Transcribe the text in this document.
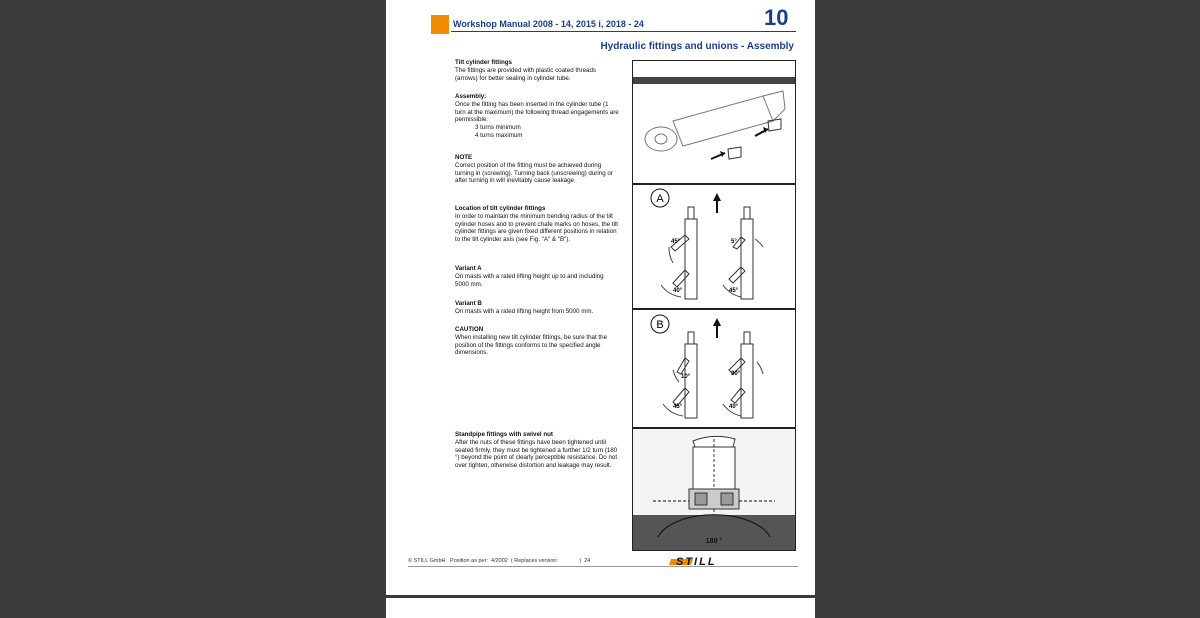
Workshop Manual 2008 - 14, 2015 i, 2018 - 24	10
Hydraulic fittings and unions - Assembly
Tilt cylinder fittings

The fittings are provided with plastic coated threads (arrows) for better sealing in cylinder tube.

Assembly:

Once the fitting has been inserted in the cylinder tube (1 turn at the maximum) the following thread engagements are permissible:

3 turns minimum

4 turns maximum

NOTE

Correct position of the fitting must be achieved during turning in (screwing). Turning back (unscrewing) during or after turning in will inevitably cause leakage.

Location of tilt cylinder fittings

In order to maintain the minimum bending radius of the tilt cylinder hoses and to prevent chafe marks on hoses, the tilt cylinder fittings are given fixed different positions in relation to the tilt cylinder axis (see Fig. "A" & "B").

Variant A

On masts with a rated lifting height up to and including 5000 mm.

Variant B

On masts with a rated lifting height from 5000 mm.

CAUTION

When installing new tilt cylinder fittings, be sure that the position of the fittings conforms to the specified angle dimensions.

Standpipe fittings with swivel nut

After the nuts of these fittings have been tightened until seated firmly, they must be tightened a further 1/2 turn (180 °) beyond the point of clearly perceptible resistance. Do not over tighten, otherwise distortion and leakage may result.

A
45°	5°
40°	45°
B
10°	30°
45°	40°
180 °
© STILL GmbH   Position as per:  4/2002  ( Replaces version:              )  24	STILL
